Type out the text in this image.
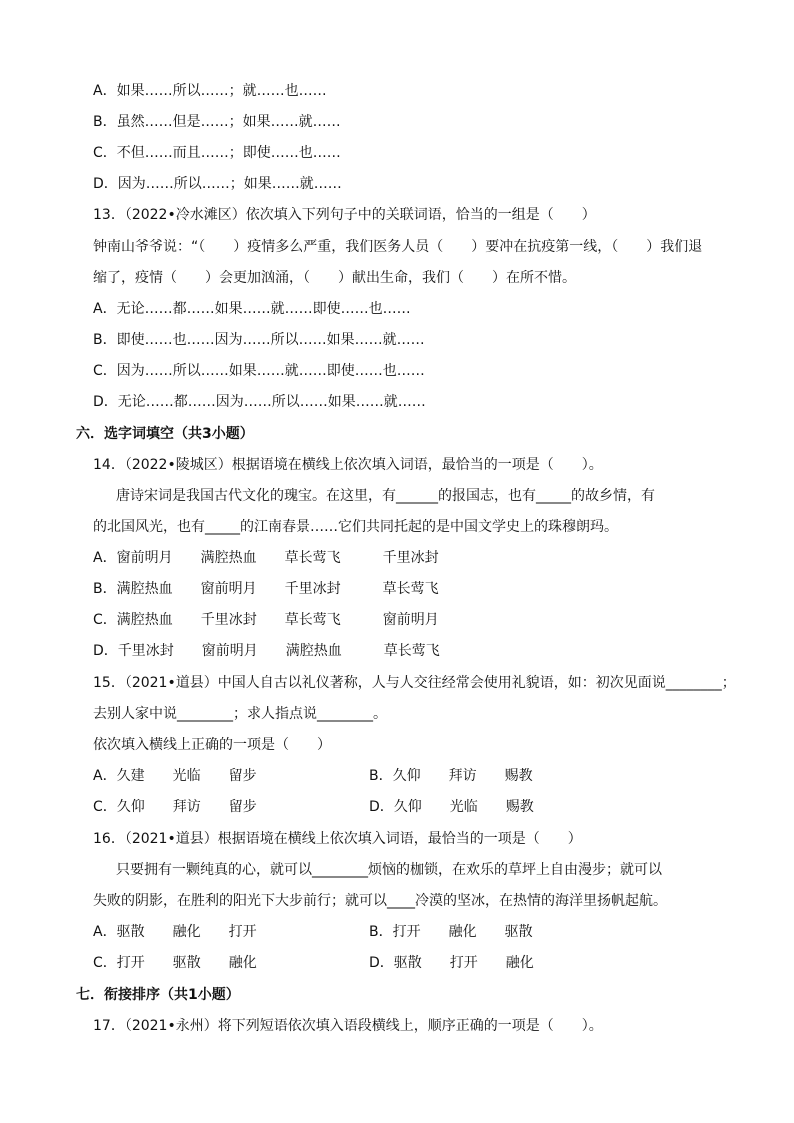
A．如果……所以……；就……也……
B．虽然……但是……；如果……就……
C．不但……而且……；即使……也……
D．因为……所以……；如果……就……
13．（2022•冷水滩区）依次填入下列句子中的关联词语，恰当的一组是（　　）
钟南山爷爷说：“（　　）疫情多么严重，我们医务人员（　　）要冲在抗疫第一线，（　　）我们退
缩了，疫情（　　）会更加汹涌，（　　）献出生命，我们（　　）在所不惜。
A．无论……都……如果……就……即使……也……
B．即使……也……因为……所以……如果……就……
C．因为……所以……如果……就……即使……也……
D．无论……都……因为……所以……如果……就……
六．选字词填空（共3小题）
14．（2022•陵城区）根据语境在横线上依次填入词语，最恰当的一项是（　　）。
唐诗宋词是我国古代文化的瑰宝。在这里，有______的报国志，也有_____的故乡情，有
的北国风光，也有_____的江南春景……它们共同托起的是中国文学史上的珠穆朗玛。
A．窗前明月　　满腔热血　　草长莺飞　　　千里冰封
B．满腔热血　　窗前明月　　千里冰封　　　草长莺飞
C．满腔热血　　千里冰封　　草长莺飞　　　窗前明月
D．千里冰封　　窗前明月　　满腔热血　　　草长莺飞
15．（2021•道县）中国人自古以礼仪著称，人与人交往经常会使用礼貌语，如：初次见面说________；
去别人家中说________；求人指点说________。
依次填入横线上正确的一项是（　　）
A．久建　　光临　　留步	B．久仰　　拜访　　赐教
C．久仰　　拜访　　留步	D．久仰　　光临　　赐教
16．（2021•道县）根据语境在横线上依次填入词语，最恰当的一项是（　　）
只要拥有一颗纯真的心，就可以________烦恼的枷锁，在欢乐的草坪上自由漫步；就可以
失败的阴影，在胜利的阳光下大步前行；就可以____冷漠的坚冰，在热情的海洋里扬帆起航。
A．驱散　　融化　　打开	B．打开　　融化　　驱散
C．打开　　驱散　　融化	D．驱散　　打开　　融化
七．衔接排序（共1小题）
17．（2021•永州）将下列短语依次填入语段横线上，顺序正确的一项是（　　）。
